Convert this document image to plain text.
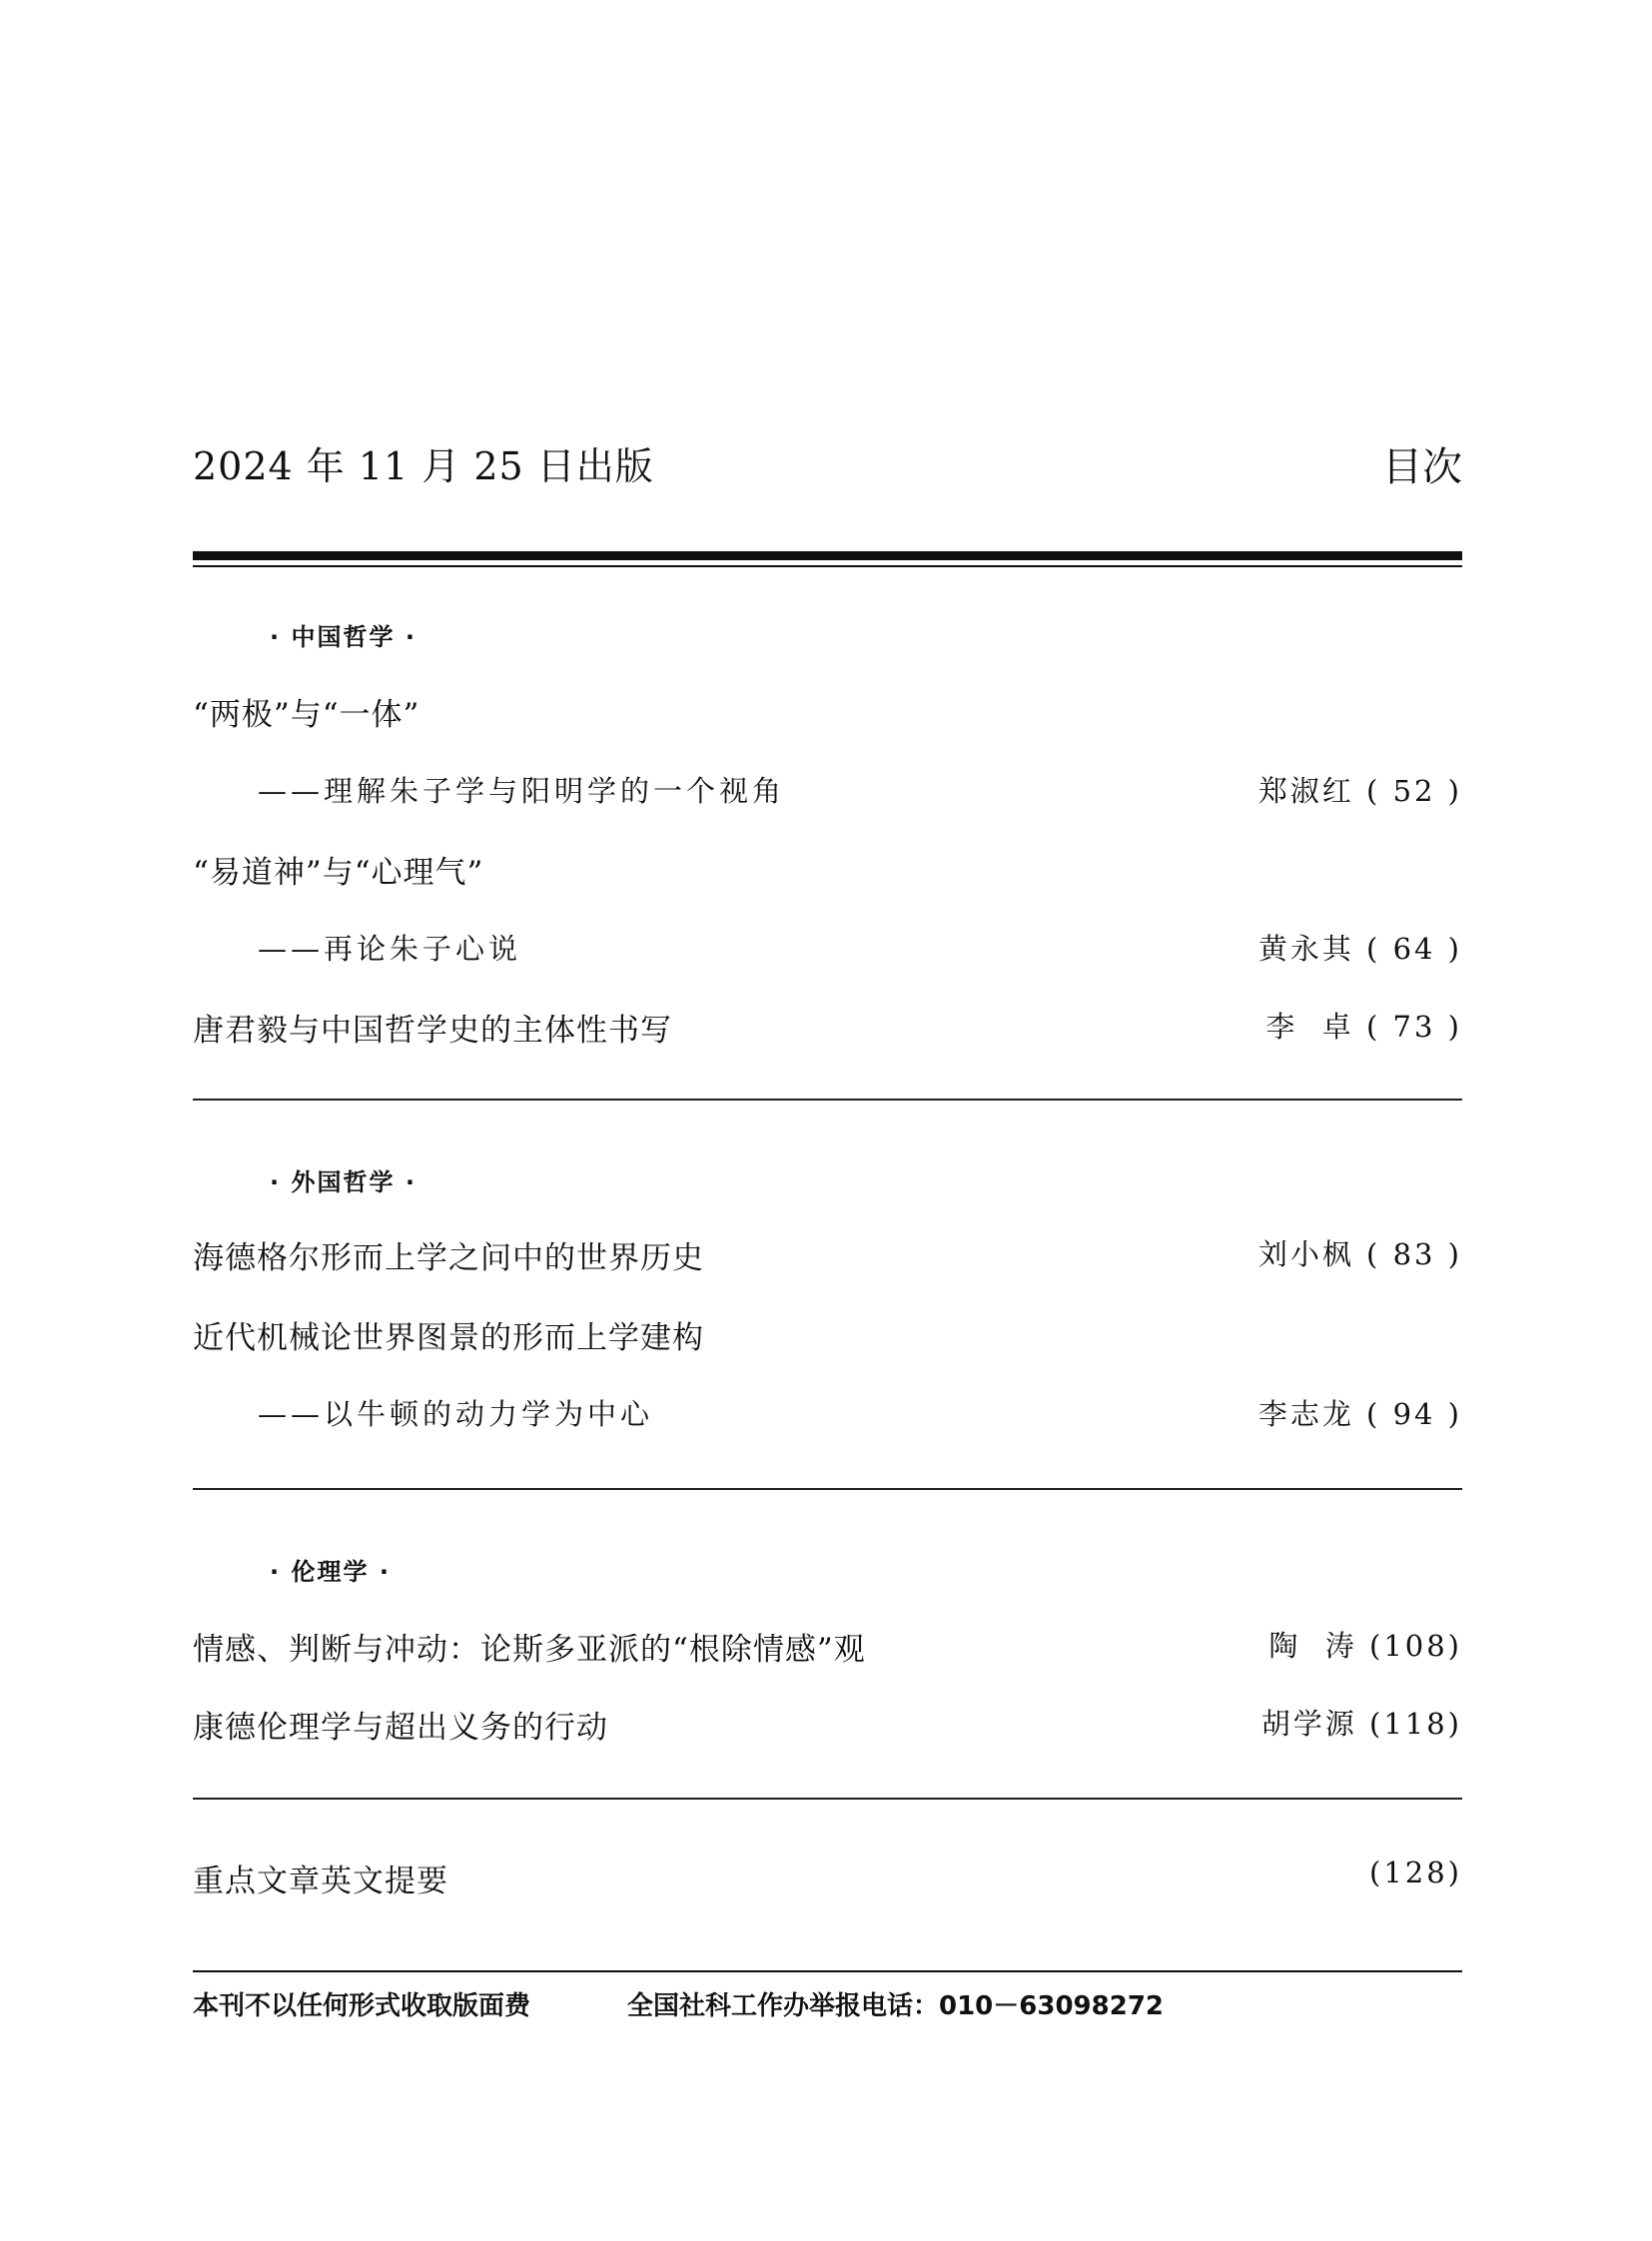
2024 年 11 月 25 日出版	目次
· 中国哲学 ·
“两极”与“一体”
——理解朱子学与阳明学的一个视角	郑淑红 ( 52 )
“易道神”与“心理气”
——再论朱子心说	黄永其 ( 64 )
唐君毅与中国哲学史的主体性书写	李  卓 ( 73 )
· 外国哲学 ·
海德格尔形而上学之问中的世界历史	刘小枫 ( 83 )
近代机械论世界图景的形而上学建构
——以牛顿的动力学为中心	李志龙 ( 94 )
· 伦理学 ·
情感、判断与冲动：论斯多亚派的“根除情感”观	陶  涛 (108)
康德伦理学与超出义务的行动	胡学源 (118)
重点文章英文提要	(128)
本刊不以任何形式收取版面费	全国社科工作办举报电话：010－63098272
